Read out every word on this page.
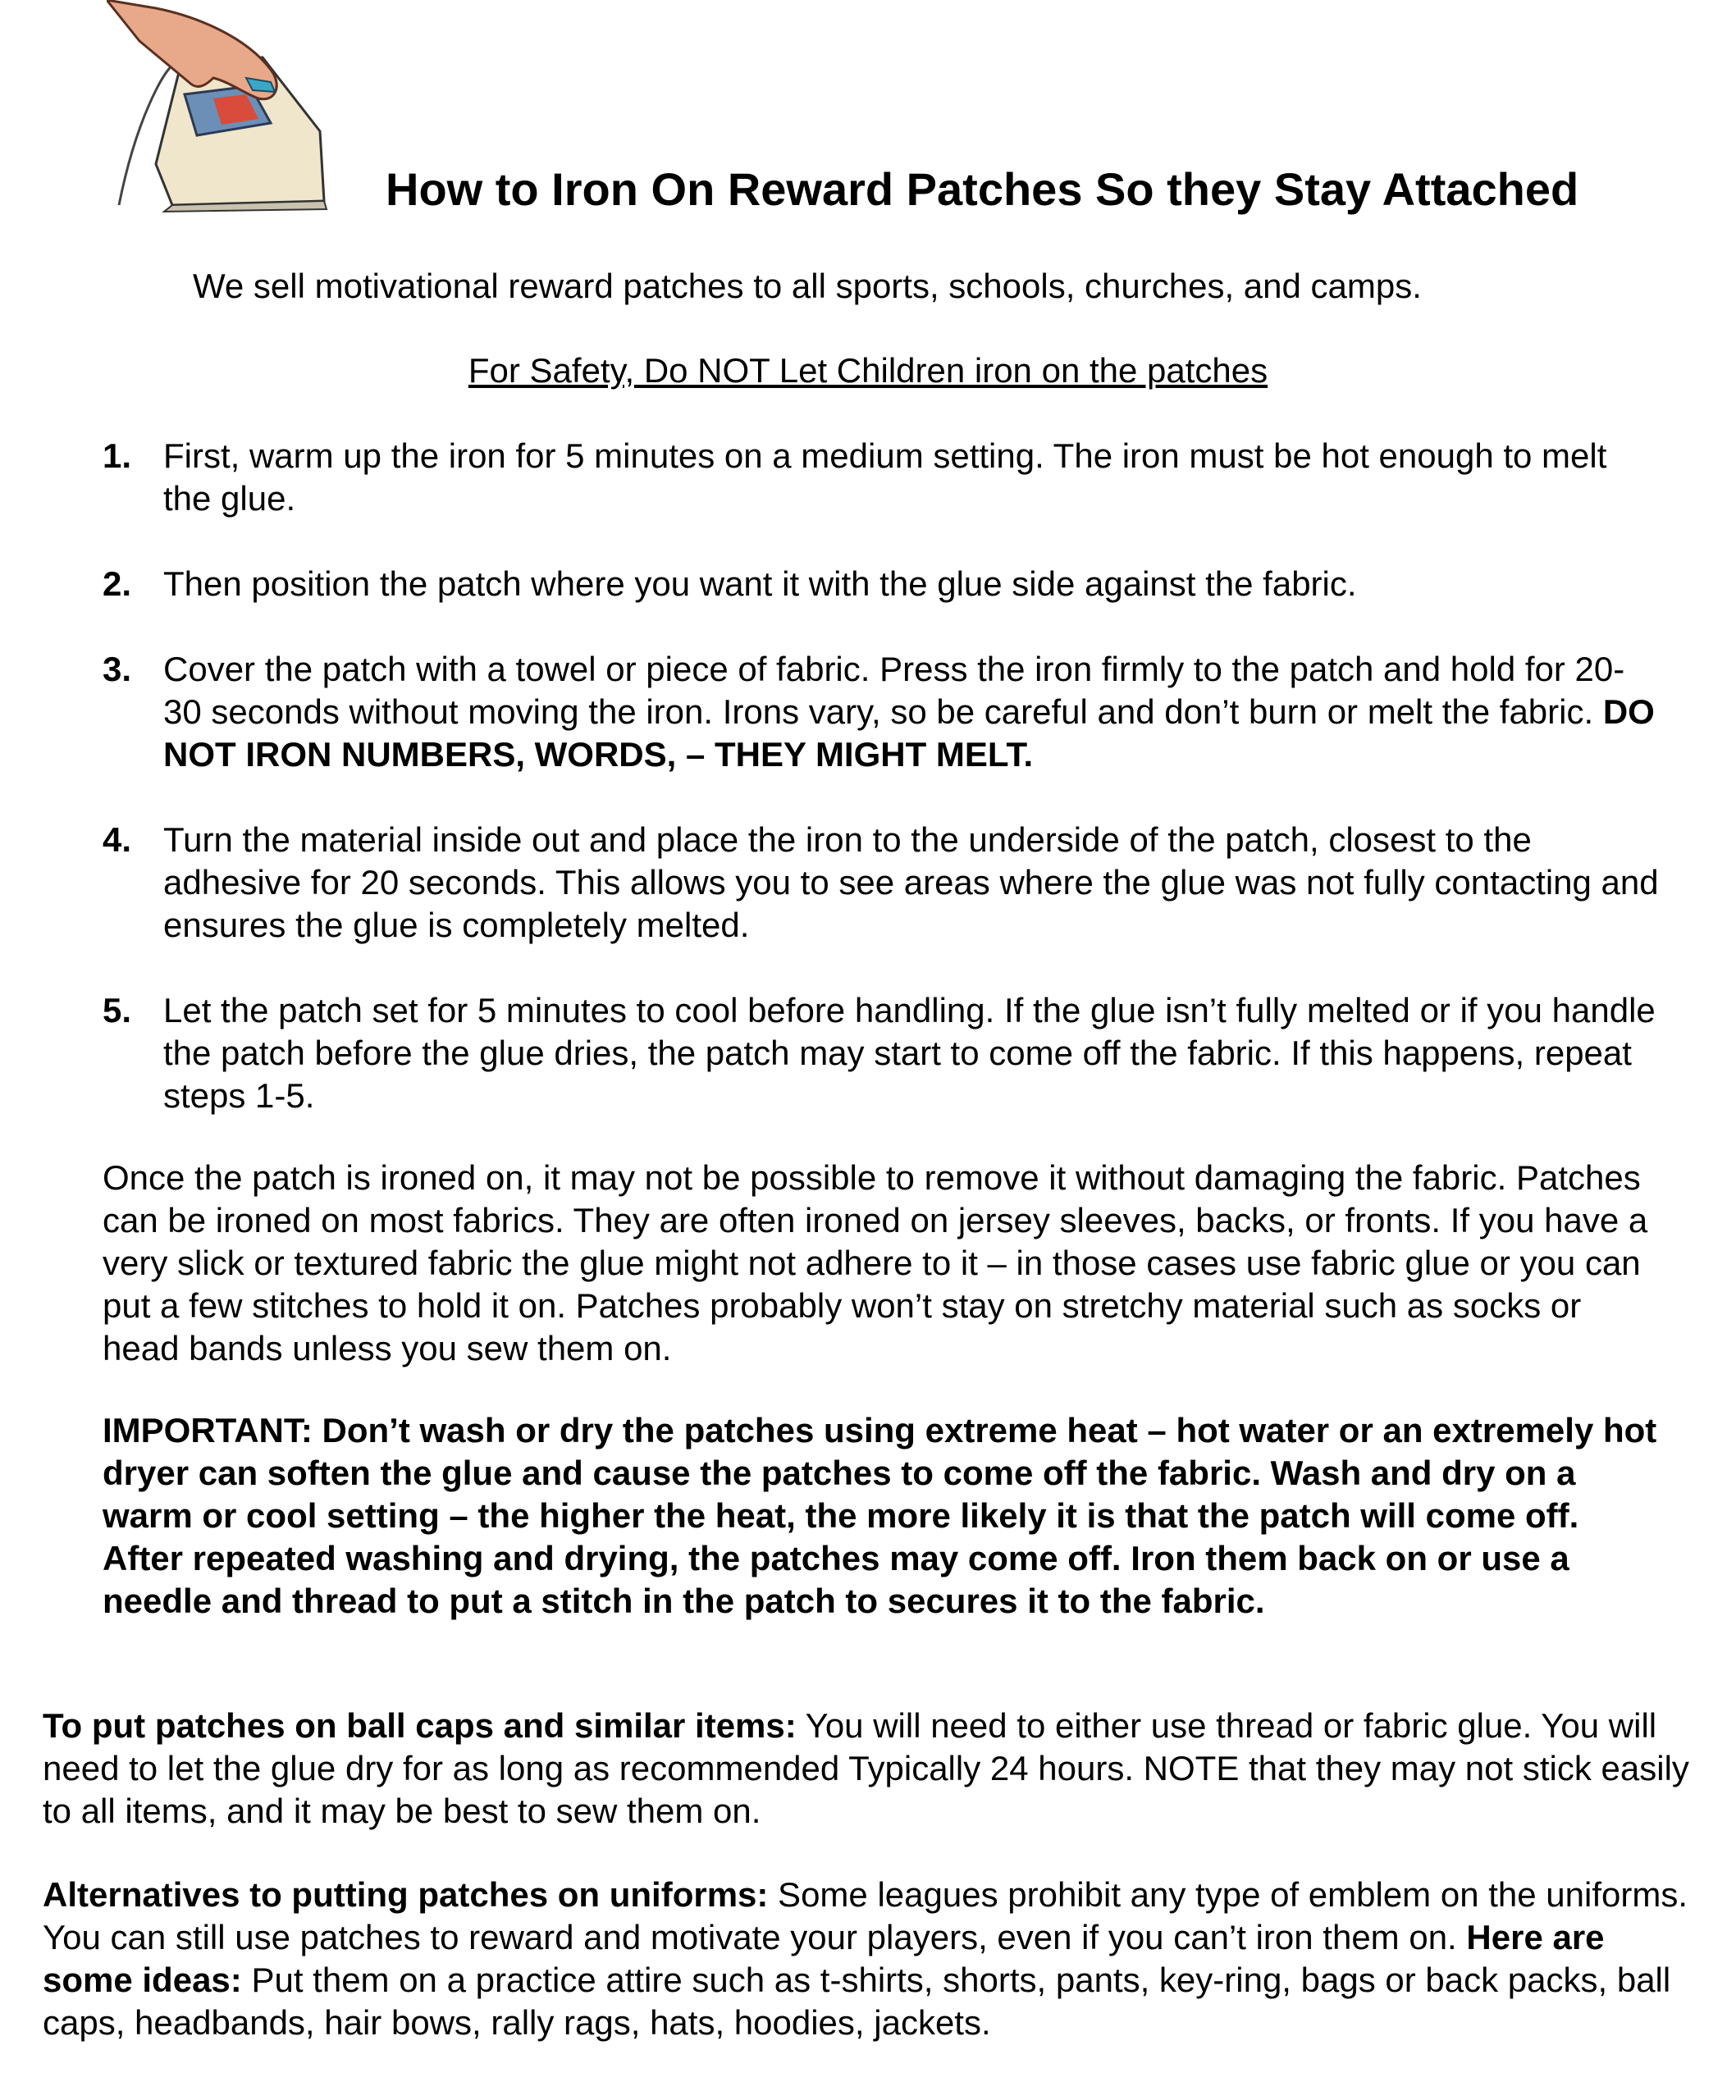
How to Iron On Reward Patches So they Stay Attached

We sell motivational reward patches to all sports, schools, churches, and camps.

For Safety, Do NOT Let Children iron on the patches

1. First, warm up the iron for 5 minutes on a medium setting. The iron must be hot enough to melt the glue.
2. Then position the patch where you want it with the glue side against the fabric.
3. Cover the patch with a towel or piece of fabric. Press the iron firmly to the patch and hold for 20-30 seconds without moving the iron. Irons vary, so be careful and don’t burn or melt the fabric. DO NOT IRON NUMBERS, WORDS, – THEY MIGHT MELT.
4. Turn the material inside out and place the iron to the underside of the patch, closest to the adhesive for 20 seconds. This allows you to see areas where the glue was not fully contacting and ensures the glue is completely melted.
5. Let the patch set for 5 minutes to cool before handling. If the glue isn’t fully melted or if you handle the patch before the glue dries, the patch may start to come off the fabric. If this happens, repeat steps 1-5.

Once the patch is ironed on, it may not be possible to remove it without damaging the fabric. Patches can be ironed on most fabrics. They are often ironed on jersey sleeves, backs, or fronts. If you have a very slick or textured fabric the glue might not adhere to it – in those cases use fabric glue or you can put a few stitches to hold it on. Patches probably won’t stay on stretchy material such as socks or head bands unless you sew them on.

IMPORTANT: Don’t wash or dry the patches using extreme heat – hot water or an extremely hot dryer can soften the glue and cause the patches to come off the fabric. Wash and dry on a warm or cool setting – the higher the heat, the more likely it is that the patch will come off. After repeated washing and drying, the patches may come off. Iron them back on or use a needle and thread to put a stitch in the patch to secures it to the fabric.

To put patches on ball caps and similar items: You will need to either use thread or fabric glue. You will need to let the glue dry for as long as recommended Typically 24 hours. NOTE that they may not stick easily to all items, and it may be best to sew them on.

Alternatives to putting patches on uniforms: Some leagues prohibit any type of emblem on the uniforms. You can still use patches to reward and motivate your players, even if you can’t iron them on. Here are some ideas: Put them on a practice attire such as t-shirts, shorts, pants, key-ring, bags or back packs, ball caps, headbands, hair bows, rally rags, hats, hoodies, jackets.
